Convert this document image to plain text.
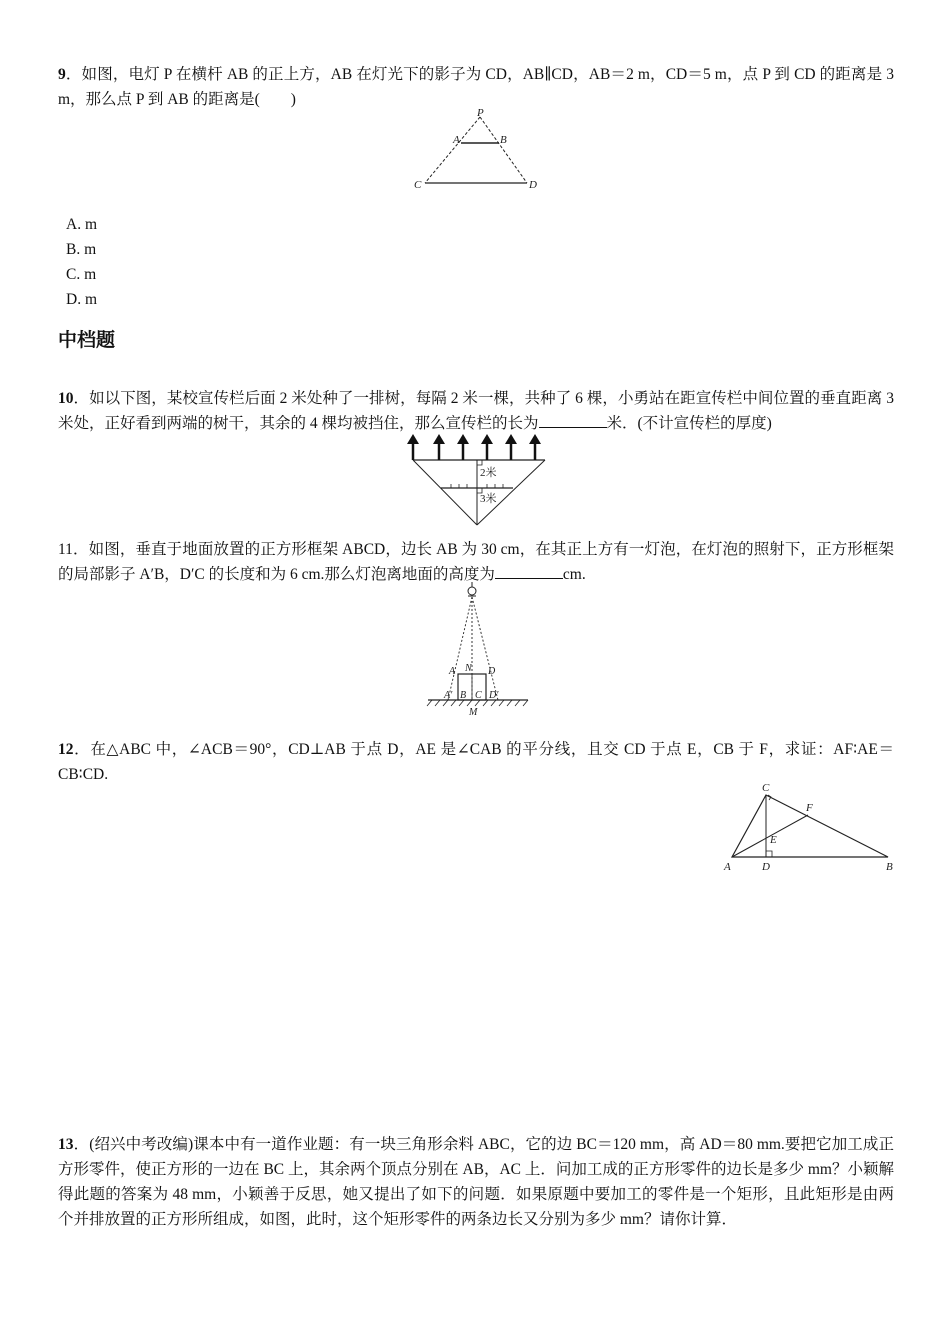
9．如图，电灯 P 在横杆 AB 的正上方，AB 在灯光下的影子为 CD，AB∥CD，AB＝2 m，CD＝5 m，点 P 到 CD 的距离是 3 m，那么点 P 到 AB 的距离是(　　)
P
A	B
C	D
A. m
B. m
C. m
D. m
中档题
10．如以下图，某校宣传栏后面 2 米处种了一排树，每隔 2 米一棵，共种了 6 棵，小勇站在距宣传栏中间位置的垂直距离 3 米处，正好看到两端的树干，其余的 4 棵均被挡住，那么宣传栏的长为	米．(不计宣传栏的厚度)
2米
3米
11．如图，垂直于地面放置的正方形框架 ABCD，边长 AB 为 30 cm，在其正上方有一灯泡，在灯泡的照射下，正方形框架的局部影子 A′B，D′C 的长度和为 6 cm.那么灯泡离地面的高度为	cm.
A N D
A′ B C D′
M
12．在△ABC 中，∠ACB＝90°，CD⊥AB 于点 D，AE 是∠CAB 的平分线，且交 CD 于点 E，CB 于 F，求证：AF∶AE＝CB∶CD.
C
F
E
A	D	B
13．(绍兴中考改编)课本中有一道作业题：有一块三角形余料 ABC，它的边 BC＝120 mm，高 AD＝80 mm.要把它加工成正方形零件，使正方形的一边在 BC 上，其余两个顶点分别在 AB，AC 上．问加工成的正方形零件的边长是多少 mm？小颖解得此题的答案为 48 mm，小颖善于反思，她又提出了如下的问题．如果原题中要加工的零件是一个矩形，且此矩形是由两个并排放置的正方形所组成，如图，此时，这个矩形零件的两条边长又分别为多少 mm？请你计算．
